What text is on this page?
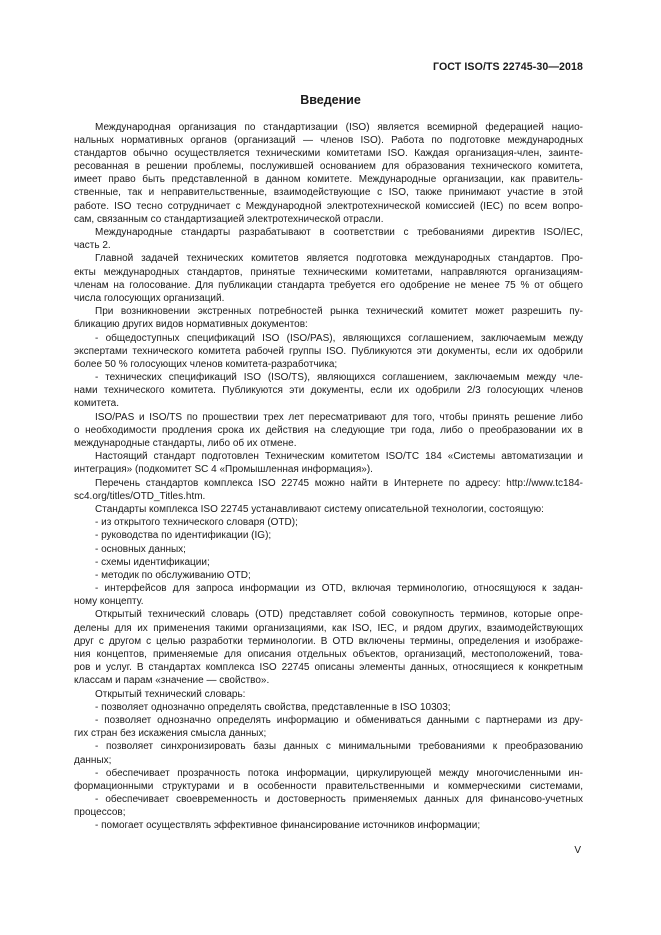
ГОСТ ISO/TS 22745-30—2018
Введение
Международная организация по стандартизации (ISO) является всемирной федерацией нацио-
нальных нормативных органов (организаций — членов ISO). Работа по подготовке международных
стандартов обычно осуществляется техническими комитетами ISO. Каждая организация-член, заинте-
ресованная в решении проблемы, послужившей основанием для образования технического комитета,
имеет право быть представленной в данном комитете. Международные организации, как правитель-
ственные, так и неправительственные, взаимодействующие с ISO, также принимают участие в этой
работе. ISO тесно сотрудничает с Международной электротехнической комиссией (IEC) по всем вопро-
сам, связанным со стандартизацией электротехнической отрасли.
Международные стандарты разрабатывают в соответствии с требованиями директив ISO/IEC,
часть 2.
Главной задачей технических комитетов является подготовка международных стандартов. Про-
екты международных стандартов, принятые техническими комитетами, направляются организациям-
членам на голосование. Для публикации стандарта требуется его одобрение не менее 75 % от общего
числа голосующих организаций.
При возникновении экстренных потребностей рынка технический комитет может разрешить пу-
бликацию других видов нормативных документов:
- общедоступных спецификаций ISO (ISO/PAS), являющихся соглашением, заключаемым между
экспертами технического комитета рабочей группы ISO. Публикуются эти документы, если их одобрили
более 50 % голосующих членов комитета-разработчика;
- технических спецификаций ISO (ISO/TS), являющихся соглашением, заключаемым между чле-
нами технического комитета. Публикуются эти документы, если их одобрили 2/3 голосующих членов
комитета.
ISO/PAS и ISO/TS по прошествии трех лет пересматривают для того, чтобы принять решение либо
о необходимости продления срока их действия на следующие три года, либо о преобразовании их в
международные стандарты, либо об их отмене.
Настоящий стандарт подготовлен Техническим комитетом ISO/TC 184 «Системы автоматизации и
интеграция» (подкомитет SC 4 «Промышленная информация»).
Перечень стандартов комплекса ISO 22745 можно найти в Интернете по адресу: http://www.tc184-
sc4.org/titles/OTD_Titles.htm.
Стандарты комплекса ISO 22745 устанавливают систему описательной технологии, состоящую:
- из открытого технического словаря (OTD);
- руководства по идентификации (IG);
- основных данных;
- схемы идентификации;
- методик по обслуживанию OTD;
- интерфейсов для запроса информации из OTD, включая терминологию, относящуюся к задан-
ному концепту.
Открытый технический словарь (OTD) представляет собой совокупность терминов, которые опре-
делены для их применения такими организациями, как ISO, IEC, и рядом других, взаимодействующих
друг с другом с целью разработки терминологии. В OTD включены термины, определения и изображе-
ния концептов, применяемые для описания отдельных объектов, организаций, местоположений, това-
ров и услуг. В стандартах комплекса ISO 22745 описаны элементы данных, относящиеся к конкретным
классам и парам «значение — свойство».
Открытый технический словарь:
- позволяет однозначно определять свойства, представленные в ISO 10303;
- позволяет однозначно определять информацию и обмениваться данными с партнерами из дру-
гих стран без искажения смысла данных;
- позволяет синхронизировать базы данных с минимальными требованиями к преобразованию
данных;
- обеспечивает прозрачность потока информации, циркулирующей между многочисленными ин-
формационными структурами и в особенности правительственными и коммерческими системами,
- обеспечивает своевременность и достоверность применяемых данных для финансово-учетных
процессов;
- помогает осуществлять эффективное финансирование источников информации;
V
